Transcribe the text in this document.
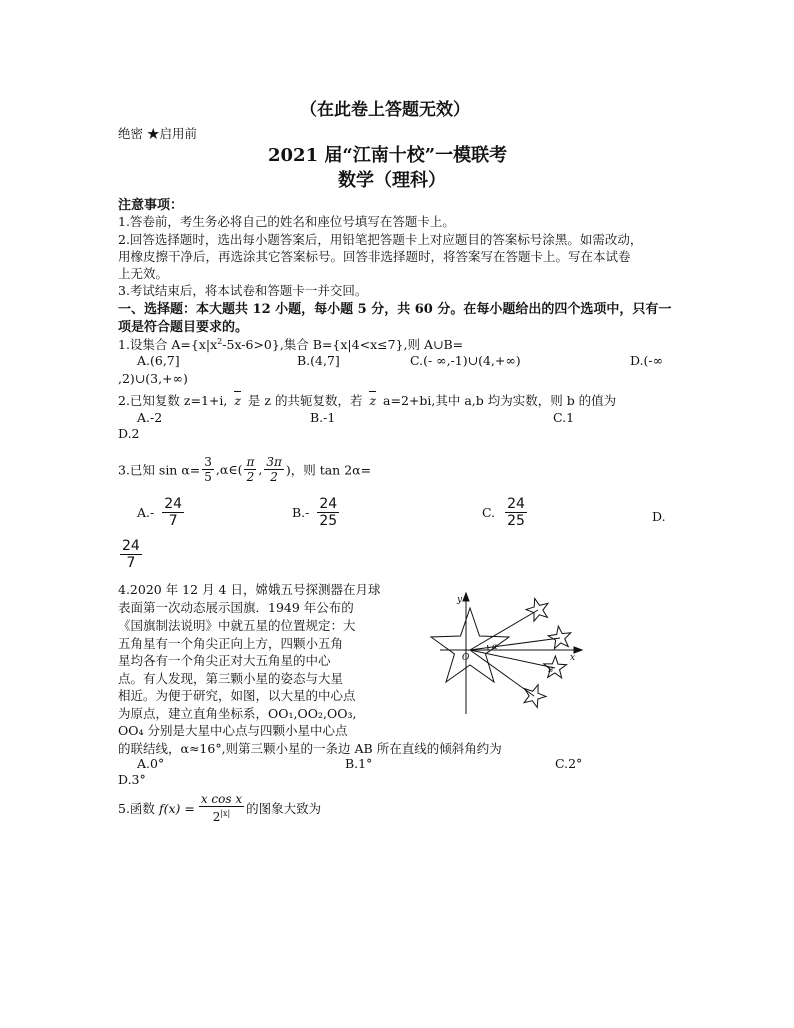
（在此卷上答题无效）
绝密 ★启用前
2021 届“江南十校”一模联考
数学（理科）
注意事项：
1.答卷前，考生务必将自己的姓名和座位号填写在答题卡上。
2.回答选择题时，选出每小题答案后，用铅笔把答题卡上对应题目的答案标号涂黑。如需改动，
用橡皮擦干净后，再选涂其它答案标号。回答非选择题时，将答案写在答题卡上。写在本试卷
上无效。
3.考试结束后，将本试卷和答题卡一并交回。
一、选择题：本大题共 12 小题，每小题 5 分，共 60 分。在每小题给出的四个选项中，只有一
项是符合题目要求的。
1.设集合 $A=\{x|x^2-5x-6>0\}$,集合 B={x|4<x≤7},则 A∪B=
A.(6,7]	B.(4,7]	C.(- ∞,-1)∪(4,+∞)	D.(-∞
,2)∪(3,+∞)
2.已知复数 z=1+i, z 是 z 的共轭复数，若 z a=2+bi,其中 a,b 均为实数，则 b 的值为
A.-2	B.-1	C.1
D.2
3.已知 $\sin \alpha= \frac{3}{5}$ ,α∈( $\frac{\pi}{2}$ , $\frac{3\pi}{2}$ )，则 tan 2α=
$A.- \frac{24}{7}$	$B.- \frac{24}{25}$	C. $\frac{24}{25}$	D.
$\frac{24}{7}$
4.2020 年 12 月 4 日，嫦娥五号探测器在月球
表面第一次动态展示国旗．1949 年公布的
《国旗制法说明》中就五星的位置规定：大
五角星有一个角尖正向上方，四颗小五角
星均各有一个角尖正对大五角星的中心
点。有人发现，第三颗小星的姿态与大星
相近。为便于研究，如图，以大星的中心点
为原点，建立直角坐标系，OO₁,OO₂,OO₃,
OO₄ 分别是大星中心点与四颗小星中心点
的联结线，α≈16°,则第三颗小星的一条边 AB 所在直线的倾斜角约为
A.0°	B.1°	C.2°
D.3°
y
x
O
α
B
5.函数 $f(x) = \frac{\text{x cos x}}{2^{|x|}}$ 的图象大致为
